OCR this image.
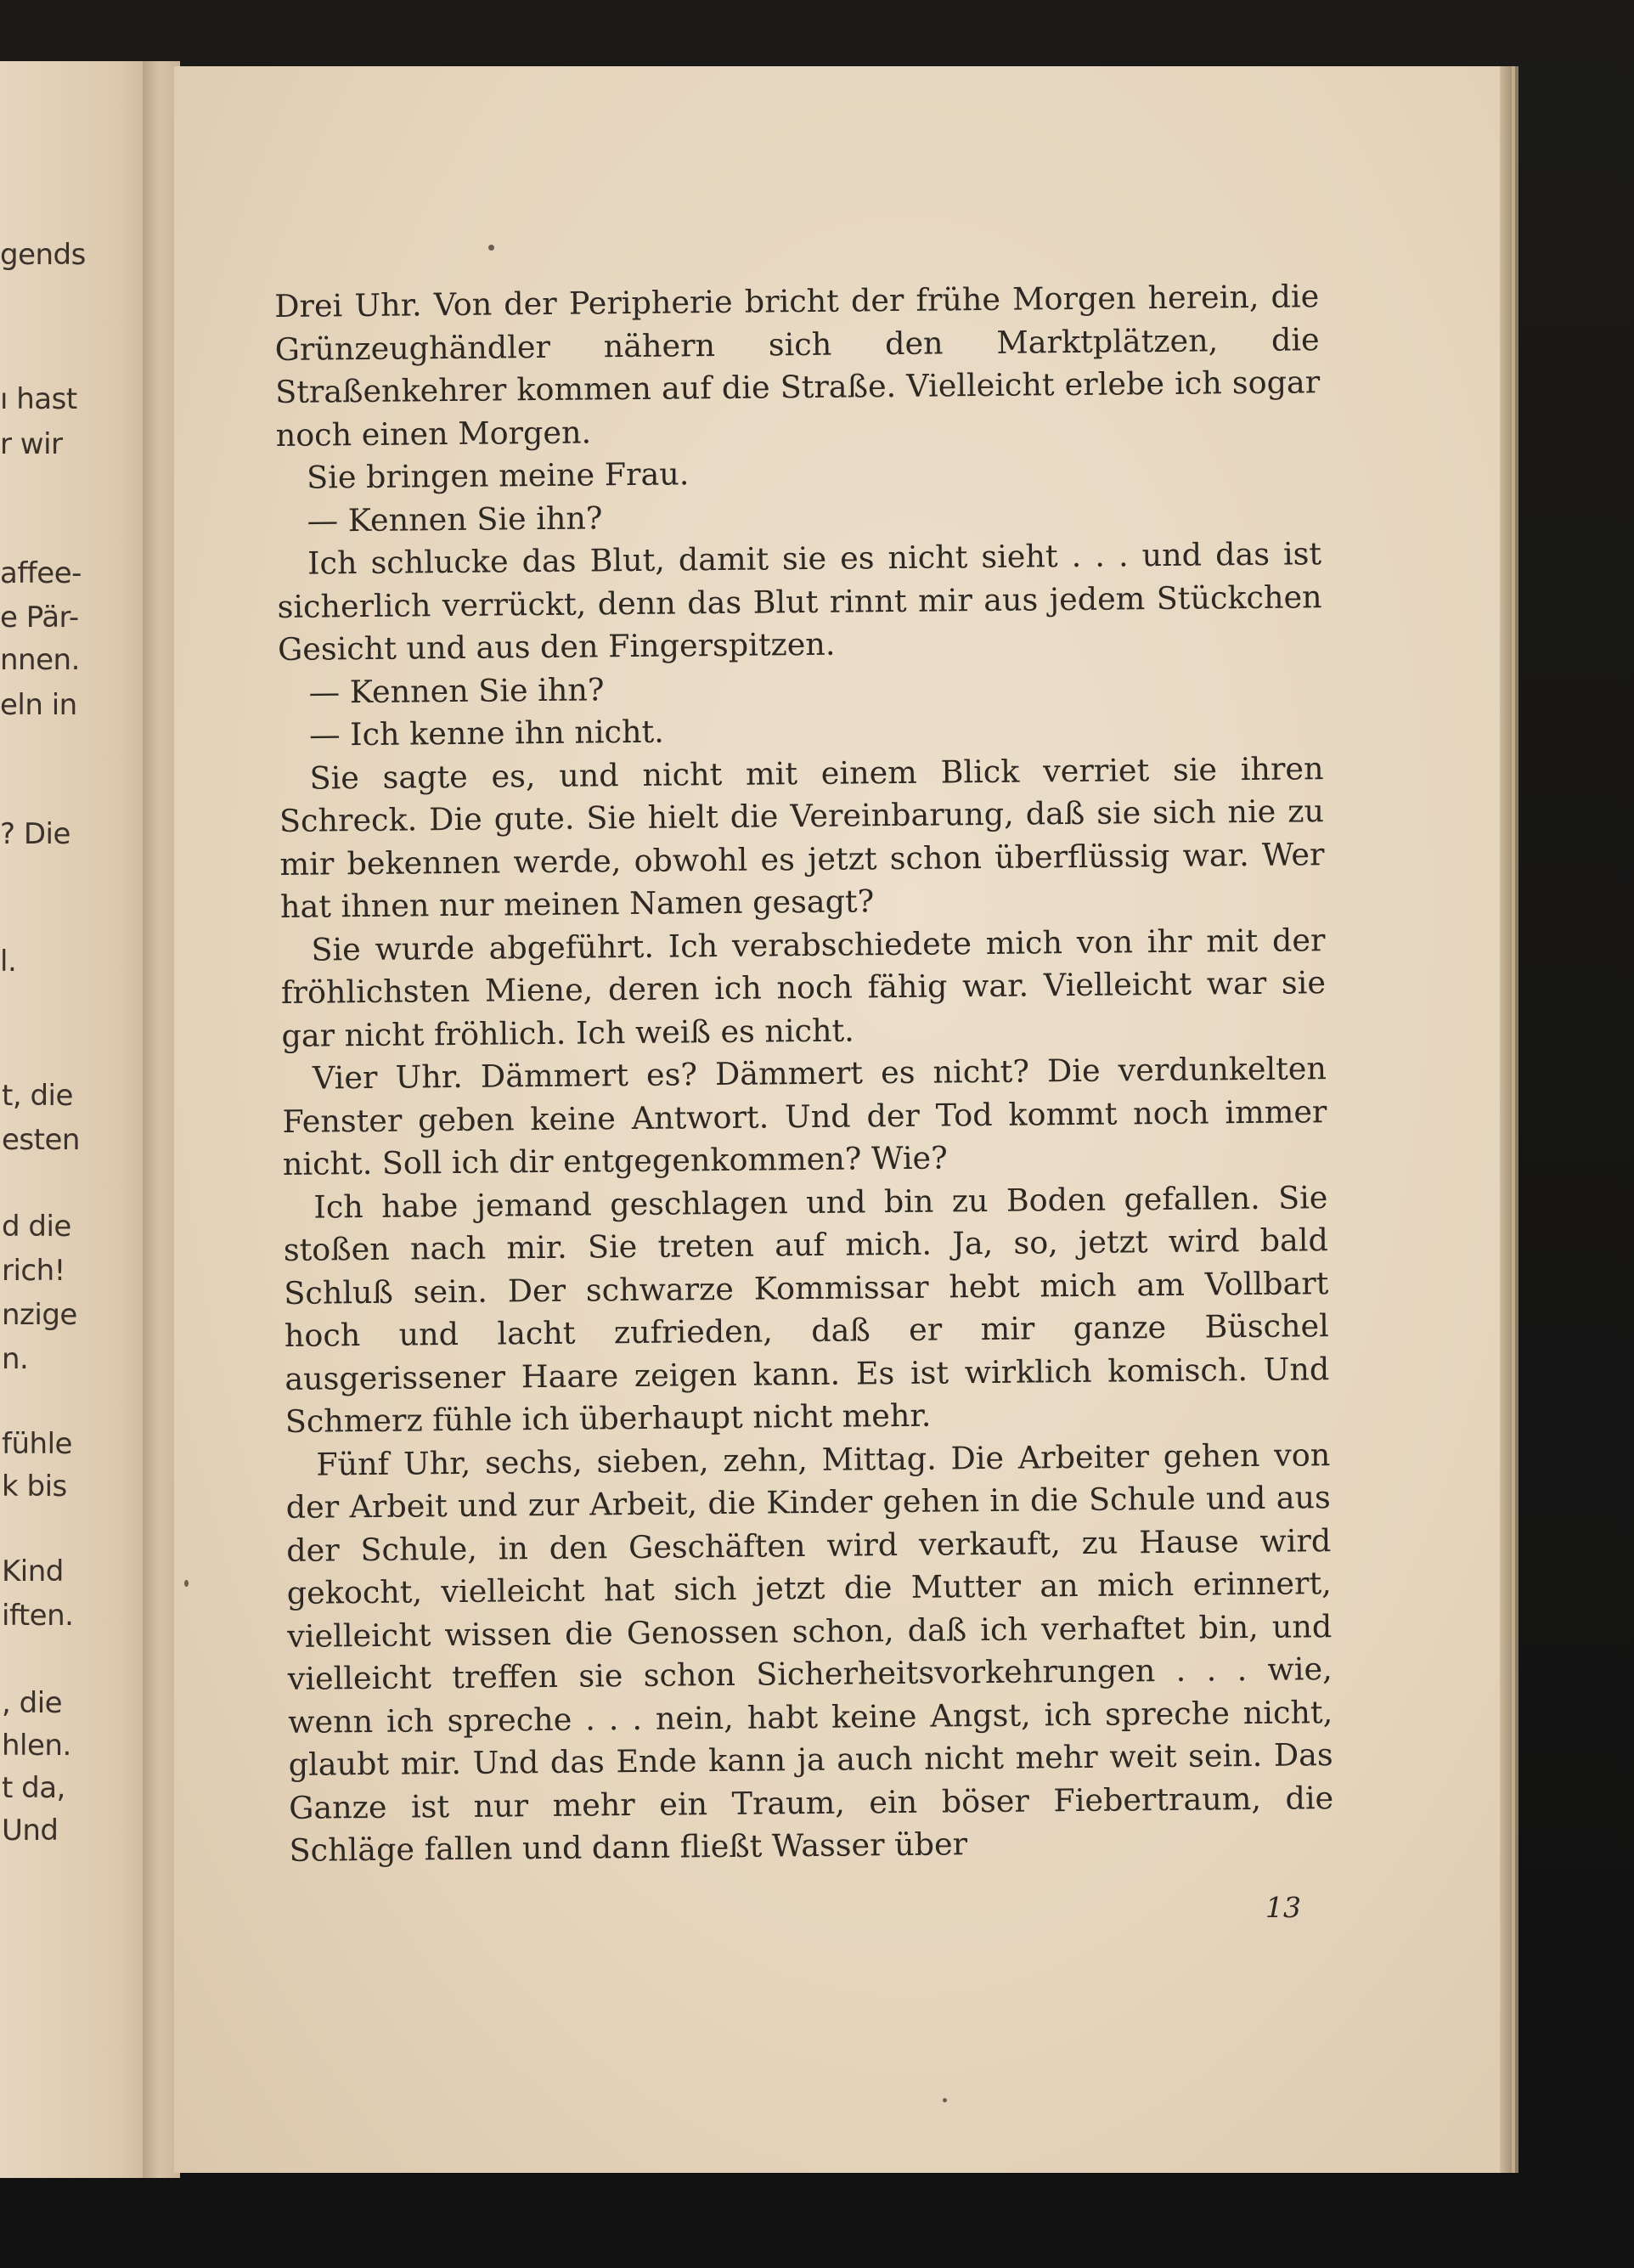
gends
ı hast
r wir
affee-
e Pär-
nnen.
eln in
? Die
l.
t, die
esten
d die
rich!
nzige
n.
fühle
k bis
Kind
iften.
, die
hlen.
t da,
Und

Drei Uhr. Von der Peripherie bricht der frühe Morgen herein, die Grünzeughändler nähern sich den Marktplätzen, die Straßenkehrer kommen auf die Straße. Vielleicht erlebe ich sogar noch einen Morgen.

Sie bringen meine Frau.

— Kennen Sie ihn?

Ich schlucke das Blut, damit sie es nicht sieht . . . und das ist sicherlich verrückt, denn das Blut rinnt mir aus jedem Stückchen Gesicht und aus den Fingerspitzen.

— Kennen Sie ihn?

— Ich kenne ihn nicht.

Sie sagte es, und nicht mit einem Blick verriet sie ihren Schreck. Die gute. Sie hielt die Vereinbarung, daß sie sich nie zu mir bekennen werde, obwohl es jetzt schon überflüssig war. Wer hat ihnen nur meinen Namen gesagt?

Sie wurde abgeführt. Ich verabschiedete mich von ihr mit der fröhlichsten Miene, deren ich noch fähig war. Vielleicht war sie gar nicht fröhlich. Ich weiß es nicht.

Vier Uhr. Dämmert es? Dämmert es nicht? Die verdunkelten Fenster geben keine Antwort. Und der Tod kommt noch immer nicht. Soll ich dir entgegenkommen? Wie?

Ich habe jemand geschlagen und bin zu Boden gefallen. Sie stoßen nach mir. Sie treten auf mich. Ja, so, jetzt wird bald Schluß sein. Der schwarze Kommissar hebt mich am Vollbart hoch und lacht zufrieden, daß er mir ganze Büschel ausgerissener Haare zeigen kann. Es ist wirklich komisch. Und Schmerz fühle ich überhaupt nicht mehr.

Fünf Uhr, sechs, sieben, zehn, Mittag. Die Arbeiter gehen von der Arbeit und zur Arbeit, die Kinder gehen in die Schule und aus der Schule, in den Geschäften wird verkauft, zu Hause wird gekocht, vielleicht hat sich jetzt die Mutter an mich erinnert, vielleicht wissen die Genossen schon, daß ich verhaftet bin, und vielleicht treffen sie schon Sicherheitsvorkehrungen . . . wie, wenn ich spreche . . . nein, habt keine Angst, ich spreche nicht, glaubt mir. Und das Ende kann ja auch nicht mehr weit sein. Das Ganze ist nur mehr ein Traum, ein böser Fiebertraum, die Schläge fallen und dann fließt Wasser über

13
